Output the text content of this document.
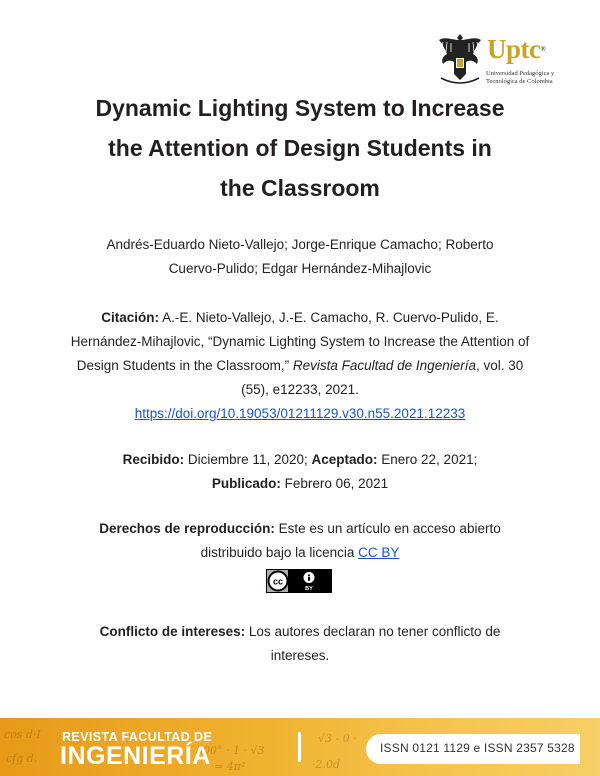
Uptc®
Universidad Pedagógica y
Tecnológica de Colombia
Dynamic Lighting System to Increase
the Attention of Design Students in
the Classroom
Andrés-Eduardo Nieto-Vallejo; Jorge-Enrique Camacho; Roberto
Cuervo-Pulido; Edgar Hernández-Mihajlovic
Citación: A.-E. Nieto-Vallejo, J.-E. Camacho, R. Cuervo-Pulido, E. Hernández-Mihajlovic, “Dynamic Lighting System to Increase the Attention of Design Students in the Classroom,” Revista Facultad de Ingeniería, vol. 30 (55), e12233, 2021.
https://doi.org/10.19053/01211129.v30.n55.2021.12233
Recibido: Diciembre 11, 2020; Aceptado: Enero 22, 2021;
Publicado: Febrero 06, 2021
Derechos de reproducción: Este es un artículo en acceso abierto distribuido bajo la licencia CC BY
cc
BY
Conflicto de intereses: Los autores declaran no tener conflicto de intereses.
cos d·I
cfg d.
300° · 1 · √3
= 4π²
√3 ‑ 0 ·
·2.0d
REVISTA FACULTAD DE
INGENIERÍA	ISSN 0121 1129 e ISSN 2357 5328
